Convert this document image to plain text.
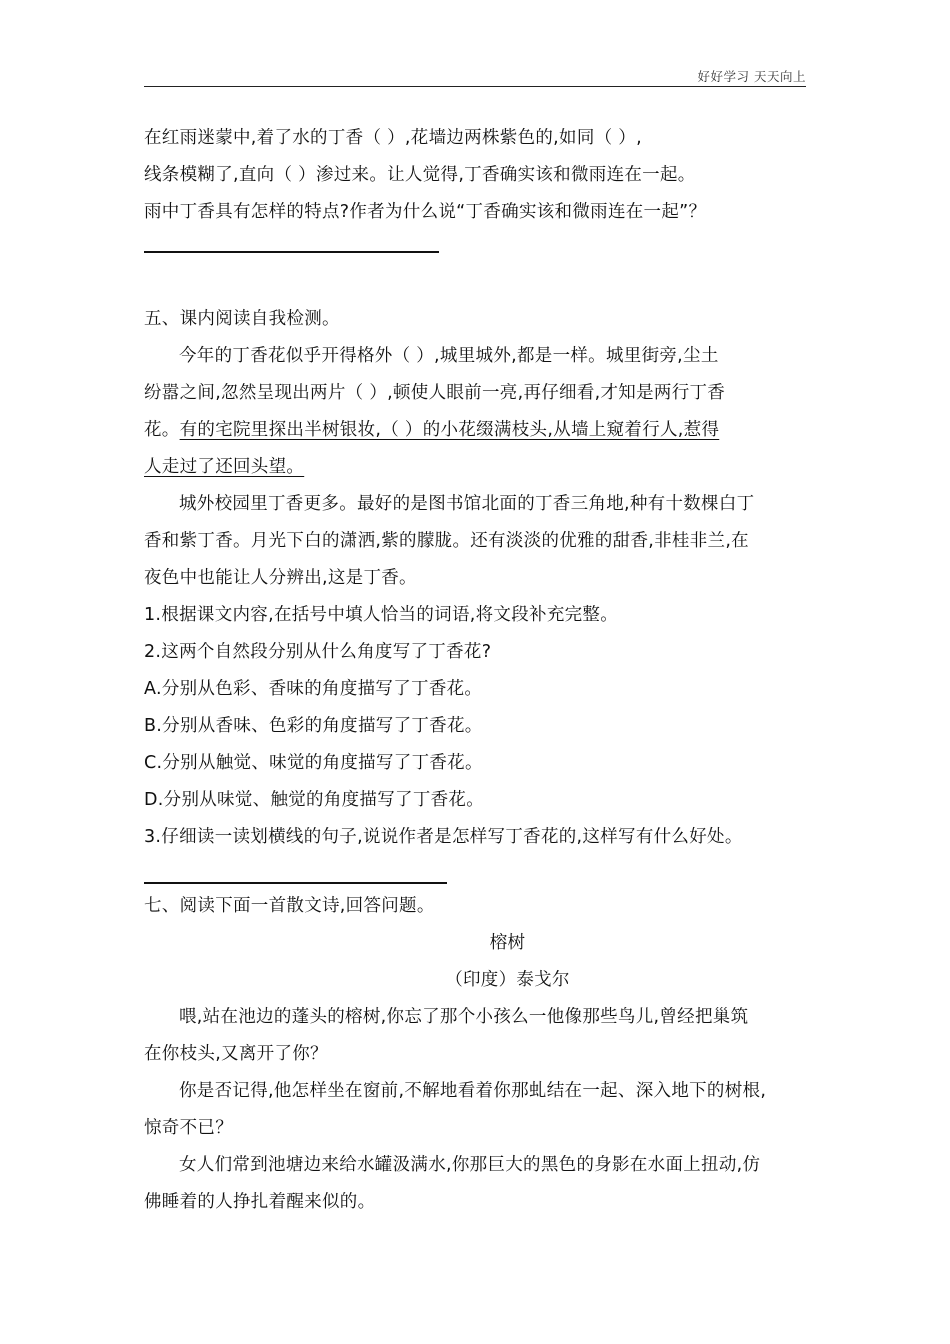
好好学习 天天向上

在红雨迷蒙中,着了水的丁香（ ）,花墙边两株紫色的,如同（ ）,

线条模糊了,直向（ ）渗过来。让人觉得,丁香确实该和微雨连在一起。

雨中丁香具有怎样的特点?作者为什么说“丁香确实该和微雨连在一起”？

五、课内阅读自我检测。

今年的丁香花似乎开得格外（ ）,城里城外,都是一样。城里街旁,尘土

纷嚣之间,忽然呈现出两片（ ）,顿使人眼前一亮,再仔细看,才知是两行丁香

花。有的宅院里探出半树银妆,（ ）的小花缀满枝头,从墙上窥着行人,惹得

人走过了还回头望。

城外校园里丁香更多。最好的是图书馆北面的丁香三角地,种有十数棵白丁

香和紫丁香。月光下白的潇洒,紫的朦胧。还有淡淡的优雅的甜香,非桂非兰,在

夜色中也能让人分辨出,这是丁香。

1.根据课文内容,在括号中填人恰当的词语,将文段补充完整。

2.这两个自然段分别从什么角度写了丁香花?

A.分别从色彩、香味的角度描写了丁香花。

B.分别从香味、色彩的角度描写了丁香花。

C.分别从触觉、味觉的角度描写了丁香花。

D.分别从味觉、触觉的角度描写了丁香花。

3.仔细读一读划横线的句子,说说作者是怎样写丁香花的,这样写有什么好处。

七、阅读下面一首散文诗,回答问题。

榕树

（印度）泰戈尔

喂,站在池边的蓬头的榕树,你忘了那个小孩么一他像那些鸟儿,曾经把巢筑

在你枝头,又离开了你？

你是否记得,他怎样坐在窗前,不解地看着你那虬结在一起、深入地下的树根,

惊奇不已？

女人们常到池塘边来给水罐汲满水,你那巨大的黑色的身影在水面上扭动,仿

佛睡着的人挣扎着醒来似的。
